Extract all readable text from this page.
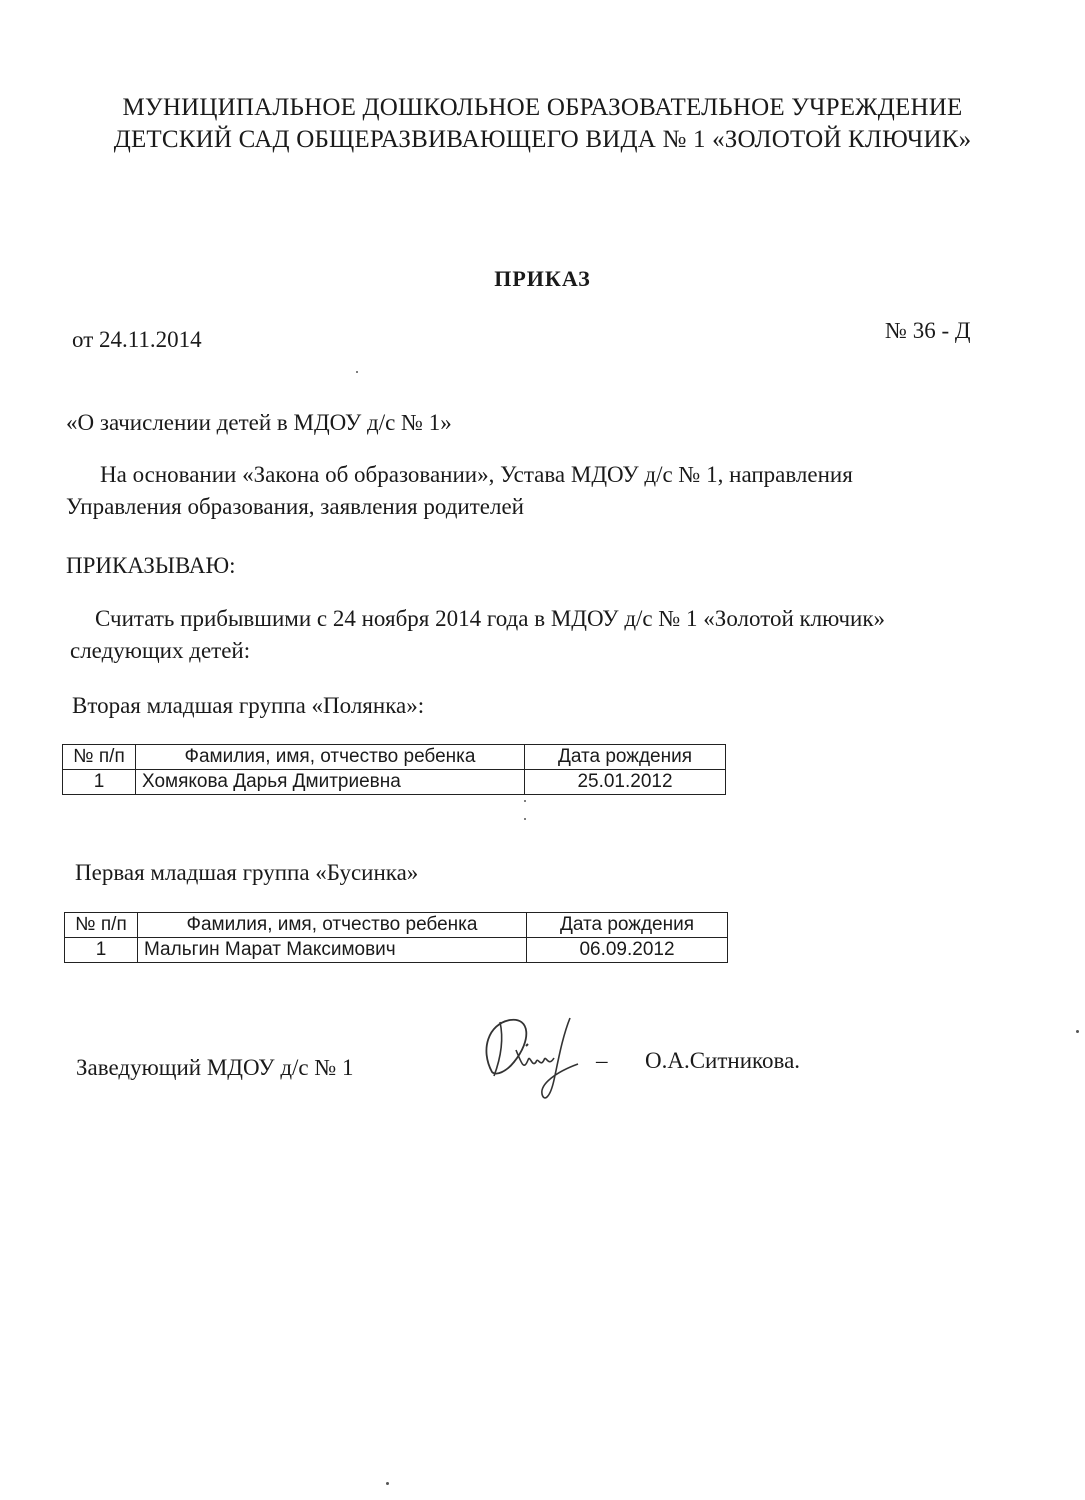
МУНИЦИПАЛЬНОЕ ДОШКОЛЬНОЕ ОБРАЗОВАТЕЛЬНОЕ УЧРЕЖДЕНИЕ
ДЕТСКИЙ САД ОБЩЕРАЗВИВАЮЩЕГО ВИДА № 1 «ЗОЛОТОЙ КЛЮЧИК»
ПРИКАЗ
от 24.11.2014	№ 36 - Д
«О зачислении детей в МДОУ д/с № 1»
На основании «Закона об образовании», Устава МДОУ д/с № 1, направления
Управления образования, заявления родителей
ПРИКАЗЫВАЮ:
Считать прибывшими с 24 ноября 2014 года в МДОУ д/с № 1 «Золотой ключик»
следующих детей:
Вторая младшая группа «Полянка»:
№ п/п	Фамилия, имя, отчество ребенка	Дата рождения
1	Хомякова Дарья Дмитриевна	25.01.2012
Первая младшая группа «Бусинка»
№ п/п	Фамилия, имя, отчество ребенка	Дата рождения
1	Мальгин Марат Максимович	06.09.2012
Заведующий МДОУ д/с № 1	– О.А.Ситникова.
